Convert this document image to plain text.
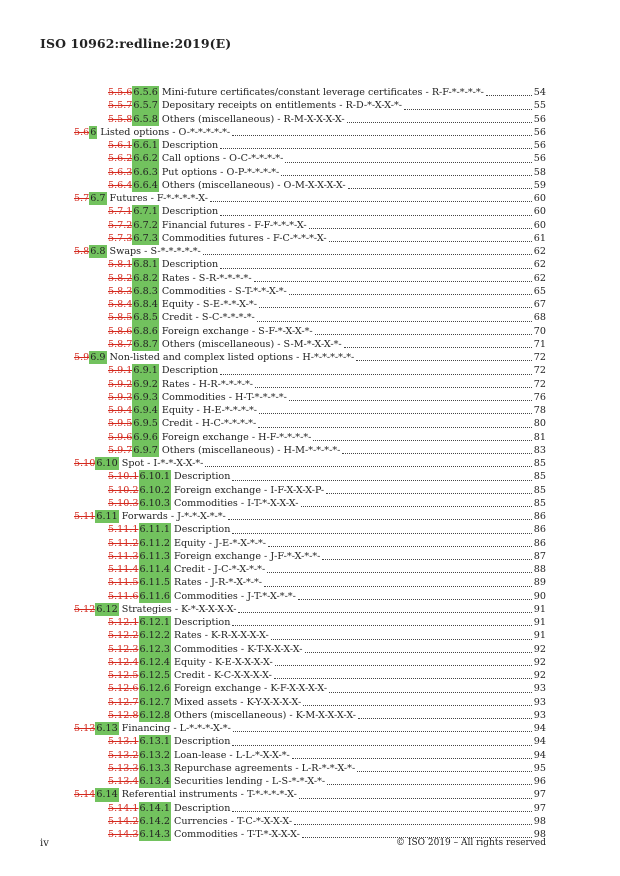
ISO 10962:redline:2019(E)
5.5.6 6.5.6 Mini-future certificates/constant leverage certificates - R-F-*-*-*-*-	54
5.5.7 6.5.7 Depositary receipts on entitlements - R-D-*-X-X-*-	55
5.5.8 6.5.8 Others (miscellaneous) - R-M-X-X-X-X-	56
5.6 6 Listed options - O-*-*-*-*-*-	56
5.6.1 6.6.1 Description	56
5.6.2 6.6.2 Call options - O-C-*-*-*-*-	56
5.6.3 6.6.3 Put options - O-P-*-*-*-*-	58
5.6.4 6.6.4 Others (miscellaneous) - O-M-X-X-X-X-	59
5.7 6.7 Futures - F-*-*-*-*-X-	60
5.7.1 6.7.1 Description	60
5.7.2 6.7.2 Financial futures - F-F-*-*-*-X-	60
5.7.3 6.7.3 Commodities futures - F-C-*-*-*-X-	61
5.8 6.8 Swaps - S-*-*-*-*-*-	62
5.8.1 6.8.1 Description	62
5.8.2 6.8.2 Rates - S-R-*-*-*-*-	62
5.8.3 6.8.3 Commodities - S-T-*-*-X-*-	65
5.8.4 6.8.4 Equity - S-E-*-*-X-*-	67
5.8.5 6.8.5 Credit - S-C-*-*-*-*-	68
5.8.6 6.8.6 Foreign exchange - S-F-*-X-X-*-	70
5.8.7 6.8.7 Others (miscellaneous) - S-M-*-X-X-*-	71
5.9 6.9 Non-listed and complex listed options - H-*-*-*-*-*-	72
5.9.1 6.9.1 Description	72
5.9.2 6.9.2 Rates - H-R-*-*-*-*-	72
5.9.3 6.9.3 Commodities - H-T-*-*-*-*-	76
5.9.4 6.9.4 Equity - H-E-*-*-*-*-	78
5.9.5 6.9.5 Credit - H-C-*-*-*-*-	80
5.9.6 6.9.6 Foreign exchange - H-F-*-*-*-*-	81
5.9.7 6.9.7 Others (miscellaneous) - H-M-*-*-*-*-	83
5.10 6.10 Spot - I-*-*-X-X-*-	85
5.10.1 6.10.1 Description	85
5.10.2 6.10.2 Foreign exchange - I-F-X-X-X-P-	85
5.10.3 6.10.3 Commodities - I-T-*-X-X-X-	85
5.11 6.11 Forwards - J-*-*-X-*-*-	86
5.11.1 6.11.1 Description	86
5.11.2 6.11.2 Equity - J-E-*-X-*-*-	86
5.11.3 6.11.3 Foreign exchange - J-F-*-X-*-*-	87
5.11.4 6.11.4 Credit - J-C-*-X-*-*-	88
5.11.5 6.11.5 Rates - J-R-*-X-*-*-	89
5.11.6 6.11.6 Commodities - J-T-*-X-*-*-	90
5.12 6.12 Strategies - K-*-X-X-X-X-	91
5.12.1 6.12.1 Description	91
5.12.2 6.12.2 Rates - K-R-X-X-X-X-	91
5.12.3 6.12.3 Commodities - K-T-X-X-X-X-	92
5.12.4 6.12.4 Equity - K-E-X-X-X-X-	92
5.12.5 6.12.5 Credit - K-C-X-X-X-X-	92
5.12.6 6.12.6 Foreign exchange - K-F-X-X-X-X-	93
5.12.7 6.12.7 Mixed assets - K-Y-X-X-X-X-	93
5.12.8 6.12.8 Others (miscellaneous) - K-M-X-X-X-X-	93
5.13 6.13 Financing - L-*-*-*-X-*-	94
5.13.1 6.13.1 Description	94
5.13.2 6.13.2 Loan-lease - L-L-*-X-X-*-	94
5.13.3 6.13.3 Repurchase agreements - L-R-*-*-X-*-	95
5.13.4 6.13.4 Securities lending - L-S-*-*-X-*-	96
5.14 6.14 Referential instruments - T-*-*-*-*-X-	97
5.14.1 6.14.1 Description	97
5.14.2 6.14.2 Currencies - T-C-*-X-X-X-	98
5.14.3 6.14.3 Commodities - T-T-*-X-X-X-	98
iv	© ISO 2019 – All rights reserved
